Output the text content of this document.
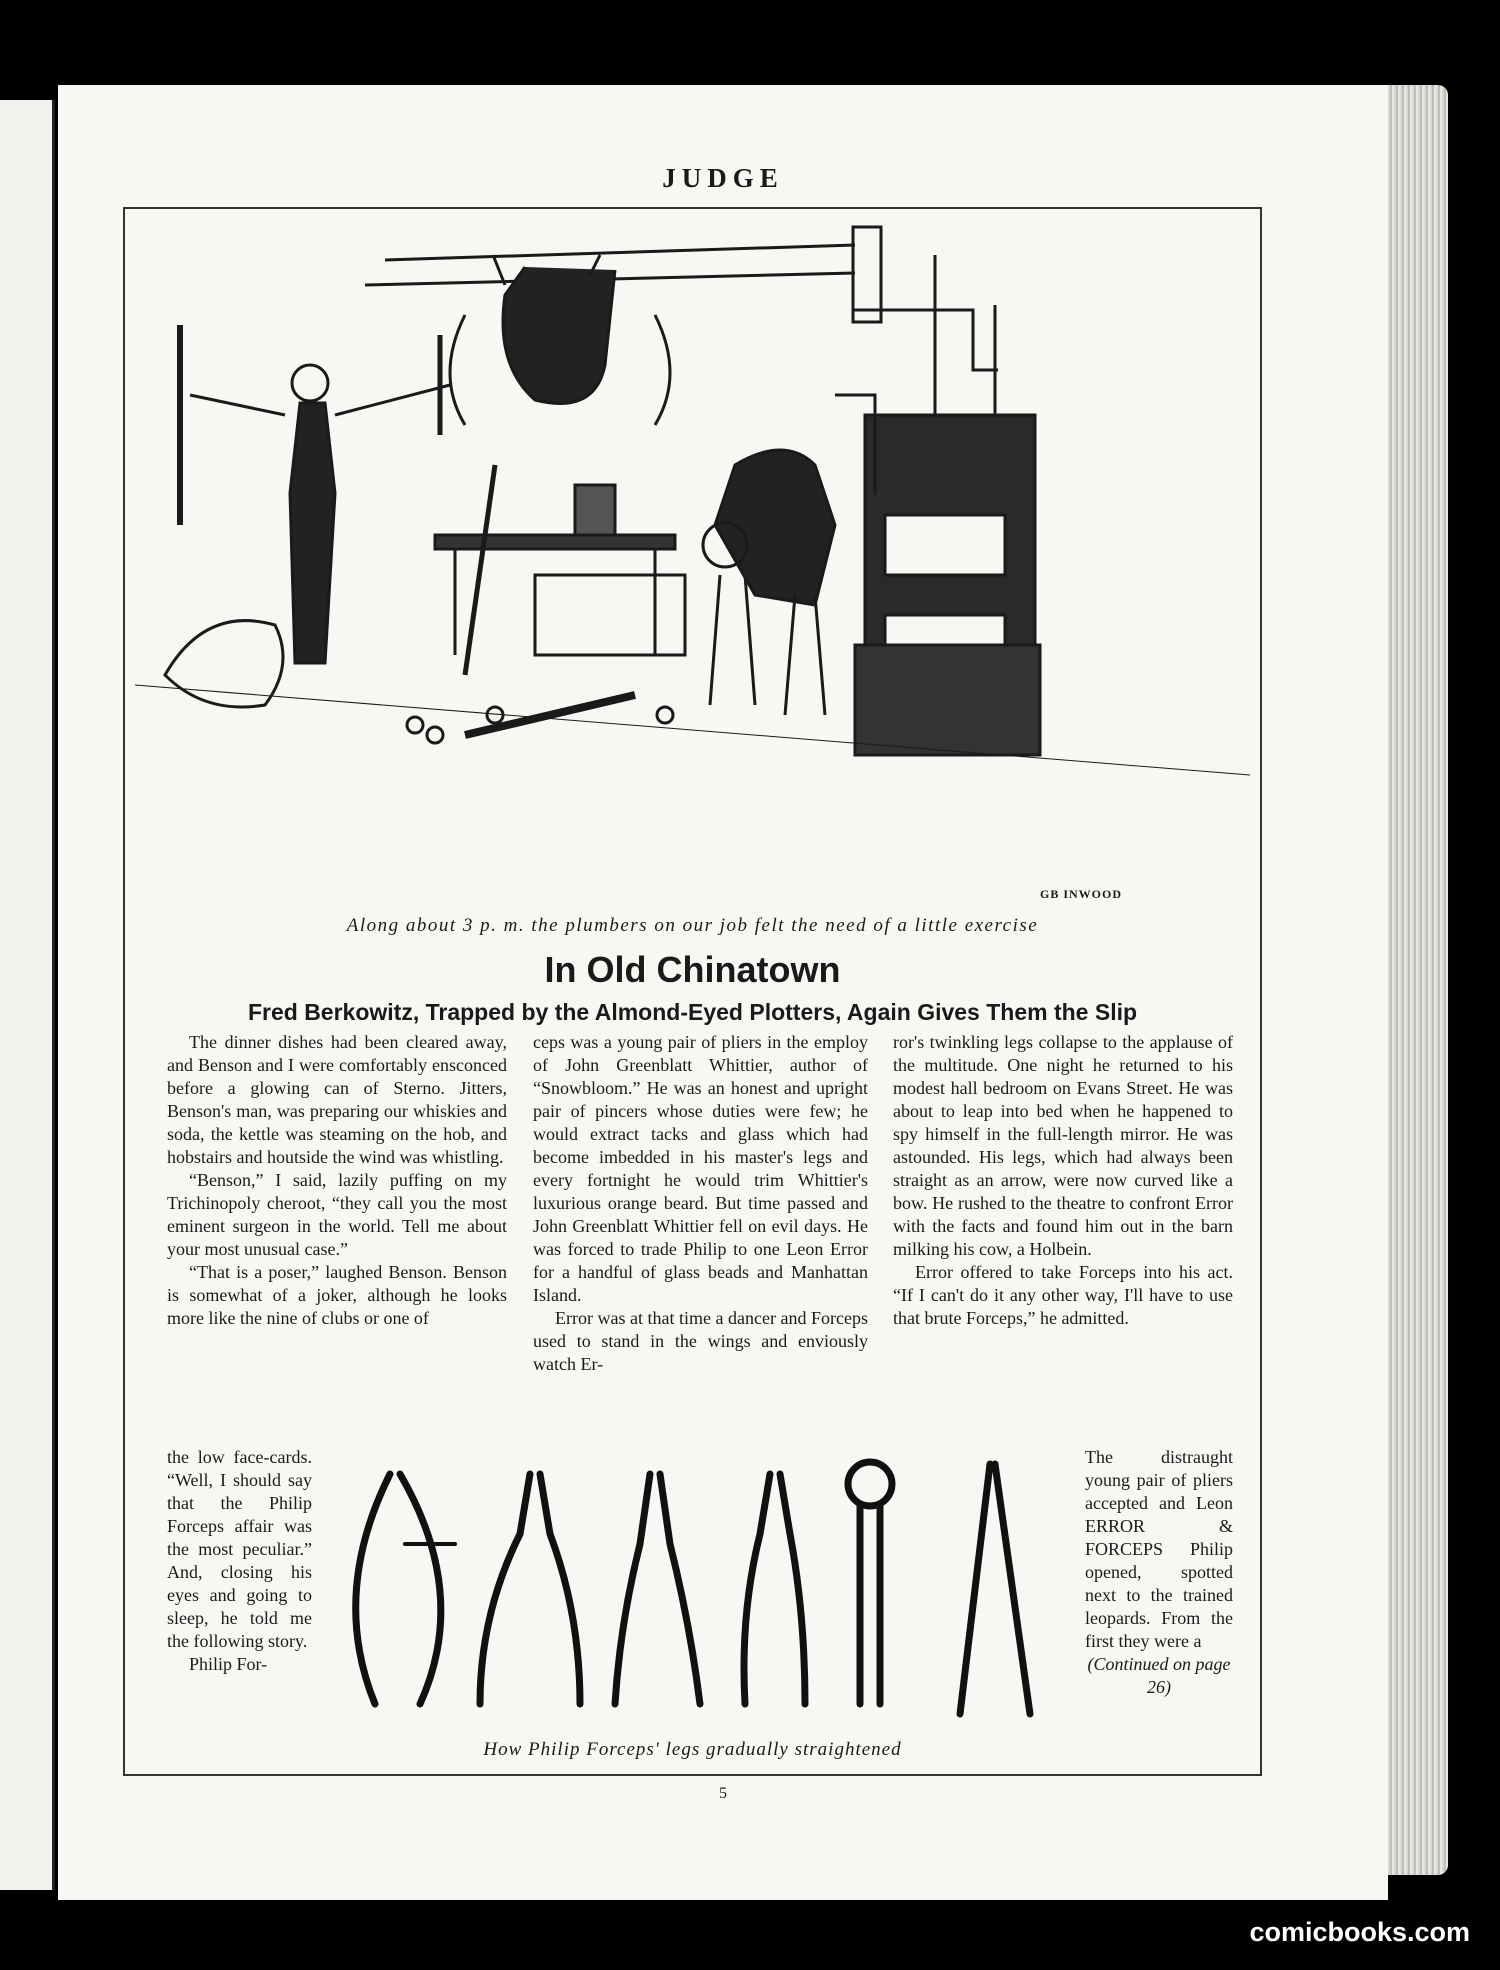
JUDGE
GB INWOOD
Along about 3 p. m. the plumbers on our job felt the need of a little exercise
In Old Chinatown
Fred Berkowitz, Trapped by the Almond-Eyed Plotters, Again Gives Them the Slip

The dinner dishes had been cleared away, and Benson and I were comfortably ensconced before a glowing can of Sterno. Jitters, Benson's man, was preparing our whiskies and soda, the kettle was steaming on the hob, and hobstairs and houtside the wind was whistling.

“Benson,” I said, lazily puffing on my Trichinopoly cheroot, “they call you the most eminent surgeon in the world. Tell me about your most unusual case.”

“That is a poser,” laughed Benson. Benson is somewhat of a joker, although he looks more like the nine of clubs or one of

the low face-cards. “Well, I should say that the Philip Forceps affair was the most peculiar.” And, closing his eyes and going to sleep, he told me the following story.

Philip For-

ceps was a young pair of pliers in the employ of John Greenblatt Whittier, author of “Snowbloom.” He was an honest and upright pair of pincers whose duties were few; he would extract tacks and glass which had become imbedded in his master's legs and every fortnight he would trim Whittier's luxurious orange beard. But time passed and John Greenblatt Whittier fell on evil days. He was forced to trade Philip to one Leon Error for a handful of glass beads and Manhattan Island.

Error was at that time a dancer and Forceps used to stand in the wings and enviously watch Er-

ror's twinkling legs collapse to the applause of the multitude. One night he returned to his modest hall bedroom on Evans Street. He was about to leap into bed when he happened to spy himself in the full-length mirror. He was astounded. His legs, which had always been straight as an arrow, were now curved like a bow. He rushed to the theatre to confront Error with the facts and found him out in the barn milking his cow, a Holbein.

Error offered to take Forceps into his act. “If I can't do it any other way, I'll have to use that brute Forceps,” he admitted.

The distraught young pair of pliers accepted and Leon ERROR & FORCEPS Philip opened, spotted next to the trained leopards. From the first they were a

(Continued on page 26)

How Philip Forceps' legs gradually straightened
5
comicbooks.com
